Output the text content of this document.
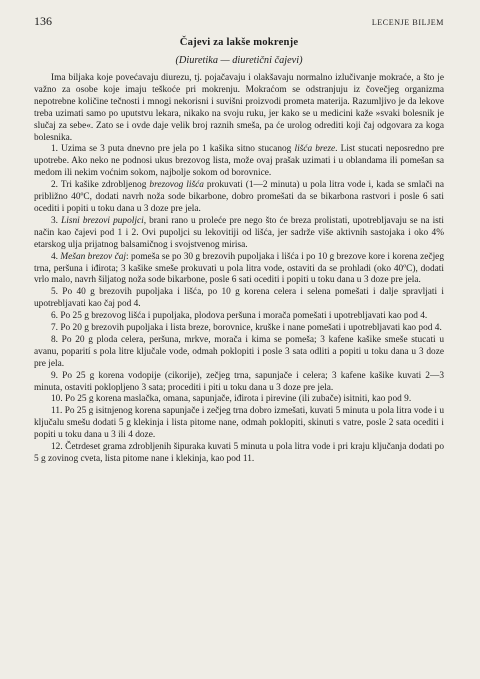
136	LECENJE BILJEM
Čajevi za lakše mokrenje
(Diuretika — diuretični čajevi)

Ima biljaka koje povećavaju diurezu, tj. pojačavaju i olakšavaju normalno izlučivanje mokraće, a što je važno za osobe koje imaju teškoće pri mokrenju. Mokraćom se odstranjuju iz čovečjeg organizma nepotrebne količine tečnosti i mnogi nekorisni i suvišni proizvodi prometa materija. Razumljivo je da lekove treba uzimati samo po uputstvu lekara, nikako na svoju ruku, jer kako se u medicini kaže »svaki bolesnik je slučaj za sebe«. Zato se i ovde daje velik broj raznih smeša, pa će urolog odrediti koji čaj odgovara za koga bolesnika.

1. Uzima se 3 puta dnevno pre jela po 1 kašika sitno stucanog lišća breze. List stucati neposredno pre upotrebe. Ako neko ne podnosi ukus brezovog lista, može ovaj prašak uzimati i u oblandama ili pomešan sa medom ili nekim voćnim sokom, najbolje sokom od borovnice.

2. Tri kašike zdrobljenog brezovog lišća prokuvati (1—2 minuta) u pola litra vode i, kada se smlači na približno 40ºC, dodati navrh noža sode bikarbone, dobro promešati da se bikarbona rastvori i posle 6 sati ocediti i popiti u toku dana u 3 doze pre jela.

3. Lisni brezovi pupoljci, brani rano u proleće pre nego što će breza prolistati, upotrebljavaju se na isti način kao čajevi pod 1 i 2. Ovi pupoljci su lekovitiji od lišća, jer sadrže više aktivnih sastojaka i oko 4% etarskog ulja prijatnog balsamičnog i svojstvenog mirisa.

4. Mešan brezov čaj: pomeša se po 30 g brezovih pupoljaka i lišća i po 10 g brezove kore i korena zečjeg trna, peršuna i iđirota; 3 kašike smeše prokuvati u pola litra vode, ostaviti da se prohladi (oko 40ºC), dodati vrlo malo, navrh šiljatog noža sode bikarbone, posle 6 sati ocediti i popiti u toku dana u 3 doze pre jela.

5. Po 40 g brezovih pupoljaka i lišća, po 10 g korena celera i selena pomešati i dalje spravljati i upotrebljavati kao čaj pod 4.

6. Po 25 g brezovog lišća i pupoljaka, plodova peršuna i morača pomešati i upotrebljavati kao pod 4.

7. Po 20 g brezovih pupoljaka i lista breze, borovnice, kruške i nane pomešati i upotrebljavati kao pod 4.

8. Po 20 g ploda celera, peršuna, mrkve, morača i kima se pomeša; 3 kafene kašike smeše stucati u avanu, poparití s pola litre ključale vode, odmah poklopiti i posle 3 sata odliti a popiti u toku dana u 3 doze pre jela.

9. Po 25 g korena vodopije (cikorije), zečjeg trna, sapunjače i celera; 3 kafene kašike kuvati 2—3 minuta, ostaviti poklopljeno 3 sata; procediti i piti u toku dana u 3 doze pre jela.

10. Po 25 g korena maslačka, omana, sapunjače, iđirota i pirevine (ili zubače) isitniti, kao pod 9.

11. Po 25 g isitnjenog korena sapunjače i zečjeg trna dobro izmešati, kuvati 5 minuta u pola litra vode i u ključalu smešu dodati 5 g klekinja i lista pitome nane, odmah poklopiti, skinuti s vatre, posle 2 sata ocediti i popiti u toku dana u 3 ili 4 doze.

12. Četrdeset grama zdrobljenih šipuraka kuvati 5 minuta u pola litra vode i pri kraju ključanja dodati po 5 g zovinog cveta, lista pitome nane i klekinja, kao pod 11.
